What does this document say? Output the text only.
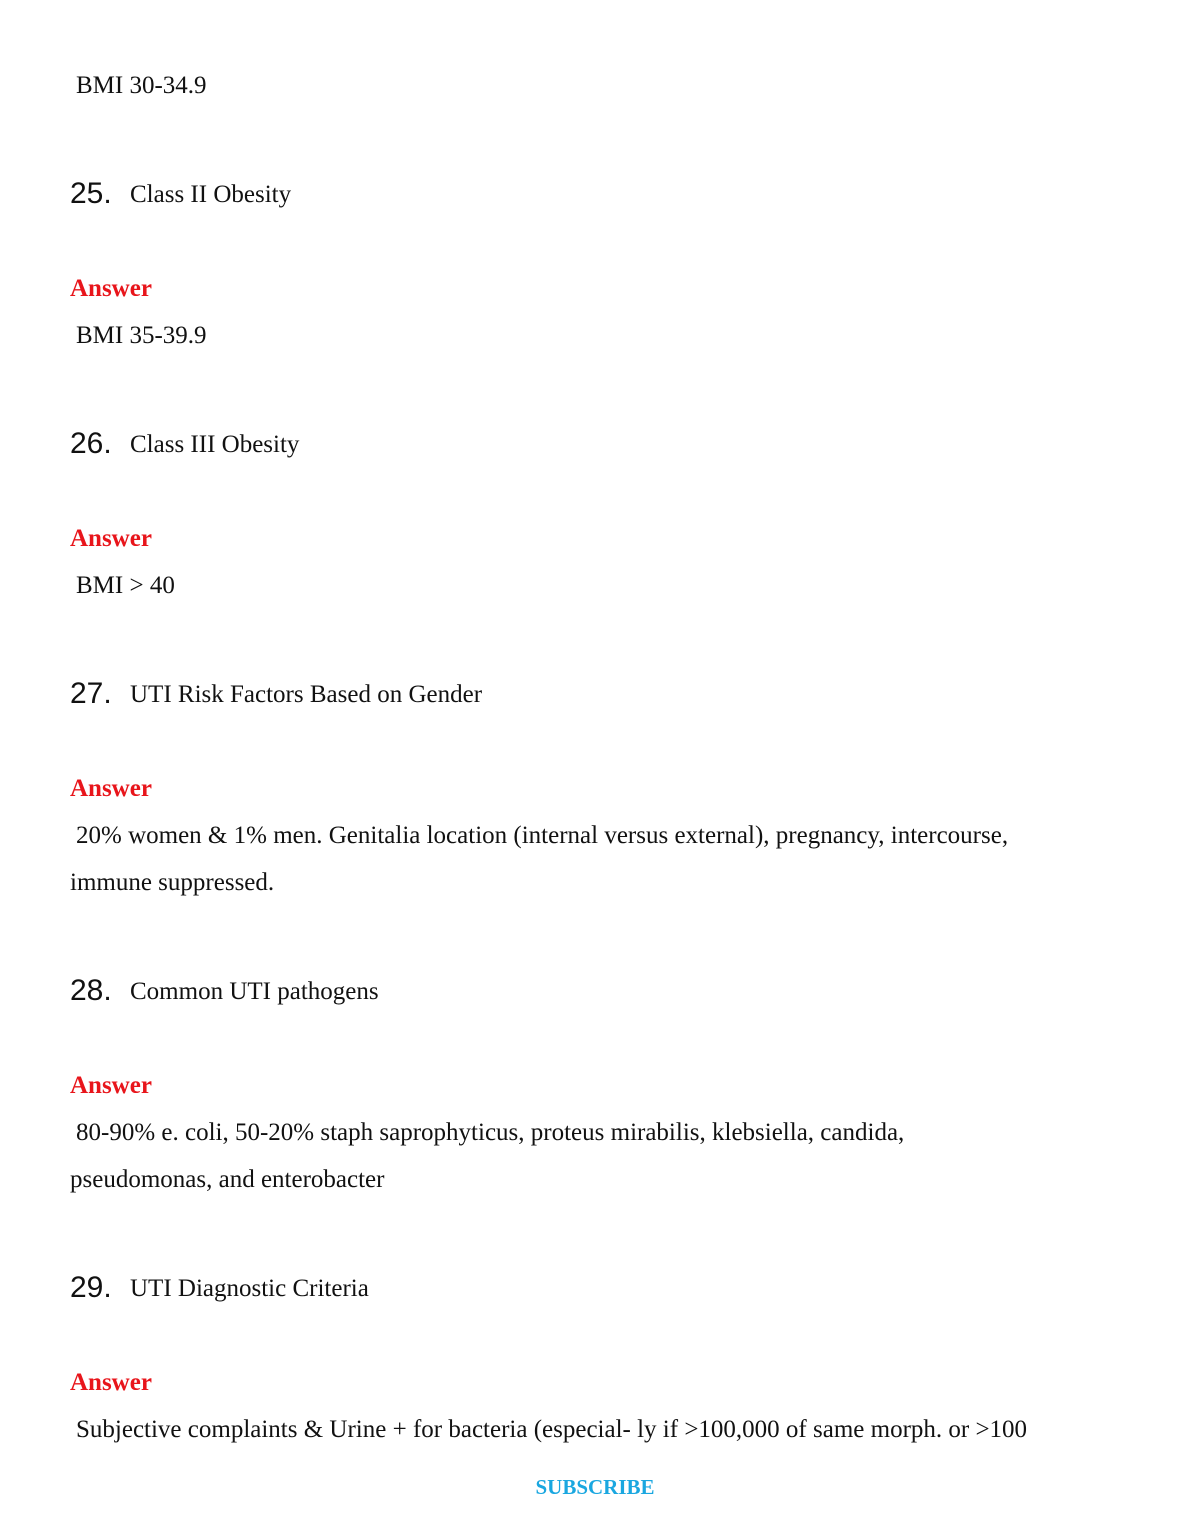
BMI 30-34.9
25. Class II Obesity
Answer
BMI 35-39.9
26. Class III Obesity
Answer
BMI > 40
27. UTI Risk Factors Based on Gender
Answer
20% women & 1% men. Genitalia location (internal versus external), pregnancy, intercourse,
immune suppressed.
28. Common UTI pathogens
Answer
80-90% e. coli, 50-20% staph saprophyticus, proteus mirabilis, klebsiella, candida,
pseudomonas, and enterobacter
29. UTI Diagnostic Criteria
Answer
Subjective complaints & Urine + for bacteria (especial- ly if >100,000 of same morph. or >100
SUBSCRIBE
